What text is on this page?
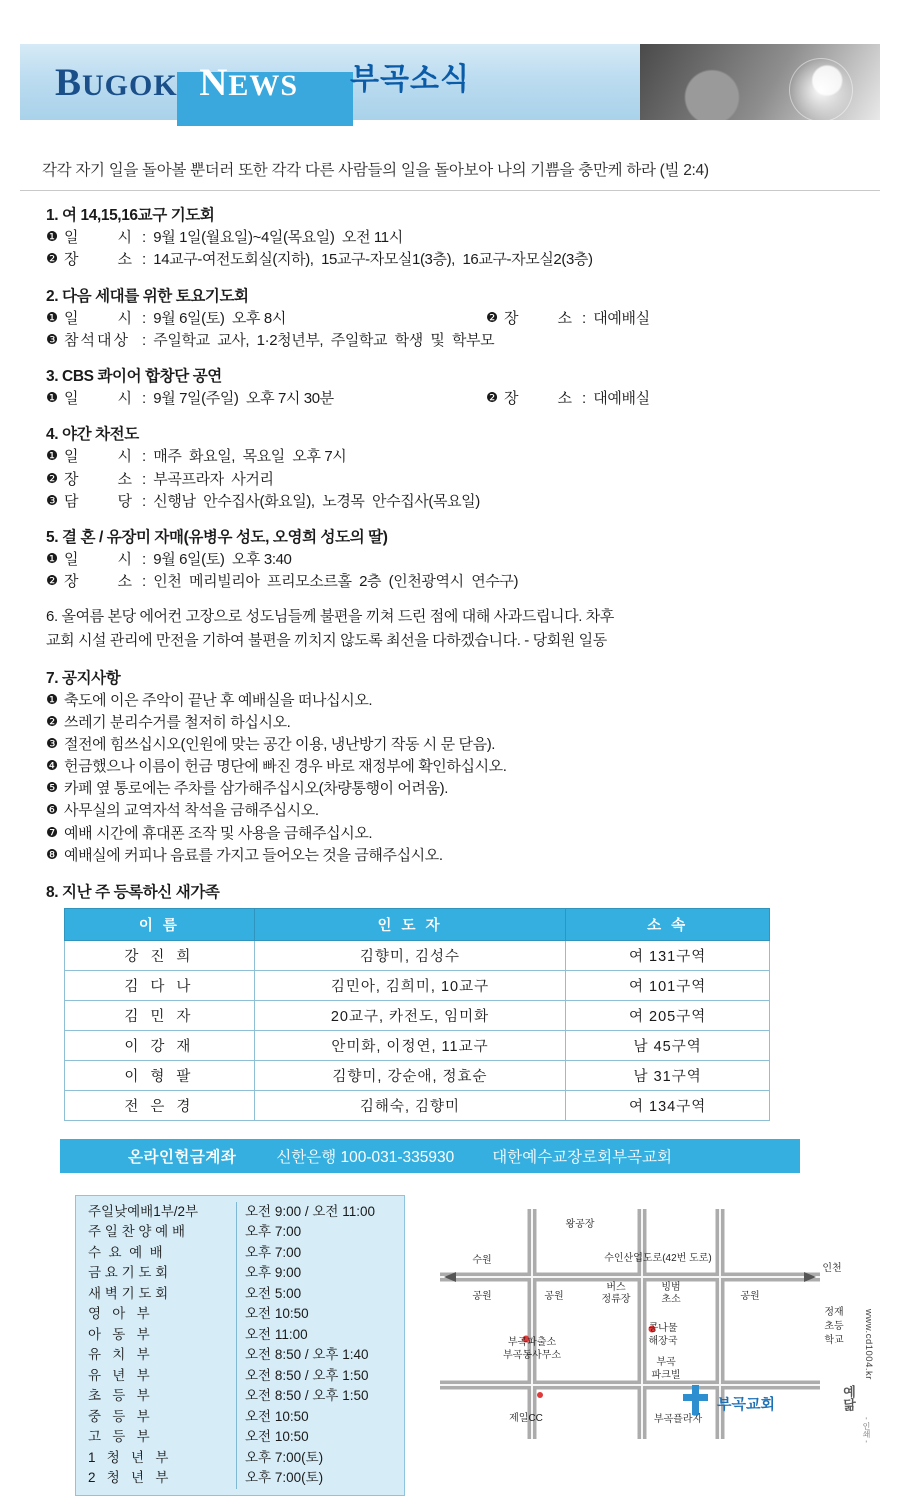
BUGOK NEWS 부곡소식
각각 자기 일을 돌아볼 뿐더러 또한 각각 다른 사람들의 일을 돌아보아 나의 기쁨을 충만케 하라 (빌 2:4)
1. 여 14,15,16교구 기도회
❶ 일      시 :  9월 1일(월요일)~4일(목요일)  오전 11시
❷ 장      소 :  14교구-여전도회실(지하),  15교구-자모실1(3층),  16교구-자모실2(3층)
2. 다음 세대를 위한 토요기도회
❶ 일      시 :  9월 6일(토)  오후 8시	❷ 장      소 :  대예배실
❸ 참석대상 :  주일학교  교사,  1·2청년부,  주일학교  학생  및  학부모
3. CBS 콰이어 합창단 공연
❶ 일      시 :  9월 7일(주일)  오후 7시 30분	❷ 장      소 :  대예배실
4. 야간 차전도
❶ 일      시 :  매주  화요일,  목요일  오후 7시
❷ 장      소 :  부곡프라자  사거리
❸ 담      당 :  신행남  안수집사(화요일),  노경목  안수집사(목요일)
5. 결 혼 / 유장미 자매(유병우 성도, 오영희 성도의 딸)
❶ 일      시 :  9월 6일(토)  오후 3:40
❷ 장      소 :  인천  메리빌리아  프리모소르홀  2층  (인천광역시  연수구)
6. 올여름 본당 에어컨 고장으로 성도님들께 불편을 끼쳐 드린 점에 대해 사과드립니다. 차후
교회 시설 관리에 만전을 기하여 불편을 끼치지 않도록 최선을 다하겠습니다. - 당회원 일동
7. 공지사항
❶ 축도에 이은 주악이 끝난 후 예배실을 떠나십시오.
❷ 쓰레기 분리수거를 철저히 하십시오.
❸ 절전에 힘쓰십시오(인원에 맞는 공간 이용, 냉난방기 작동 시 문 닫음).
❹ 헌금했으나 이름이 헌금 명단에 빠진 경우 바로 재정부에 확인하십시오.
❺ 카페 옆 통로에는 주차를 삼가해주십시오(차량통행이 어려움).
❻ 사무실의 교역자석 착석을 금해주십시오.
❼ 예배 시간에 휴대폰 조작 및 사용을 금해주십시오.
❽ 예배실에 커피나 음료를 가지고 들어오는 것을 금해주십시오.
8. 지난 주 등록하신 새가족
이 름	인 도 자	소 속
강 진 희	김향미, 김성수	여 131구역
김 다 나	김민아, 김희미, 10교구	여 101구역
김 민 자	20교구, 카전도, 임미화	여 205구역
이 강 재	안미화, 이정연, 11교구	남 45구역
이 형 팔	김향미, 강순애, 정효순	남 31구역
전 은 경	김해숙, 김향미	여 134구역
온라인헌금계좌	신한은행 100-031-335930 대한예수교장로회부곡교회
주일낮예배1부/2부	오전 9:00 / 오전 11:00
주 일 찬 양 예 배	오후 7:00
수  요  예  배	오후 7:00
금 요 기 도 회	오후 9:00
새 벽 기 도 회	오전 5:00
영   아   부	오전 10:50
아   동   부	오전 11:00
유   치   부	오전 8:50 / 오후 1:40
유   년   부	오전 8:50 / 오후 1:50
초   등   부	오전 8:50 / 오후 1:50
중   등   부	오전 10:50
고   등   부	오전 10:50
1   청   년   부	오후 7:00(토)
2   청   년   부	오후 7:00(토)
왕공장
수원	수인산업도로(42번 도로)
인천
공원	공원
버스
정류장
빙범
초소	공원
정재
초등
학교
콩나물
해장국
부곡파출소
부곡동사무소
부곡
파크빌
제일CC	부곡플라자
부곡교회
www.cd1004.kr
예닮
- 인쇄 -
